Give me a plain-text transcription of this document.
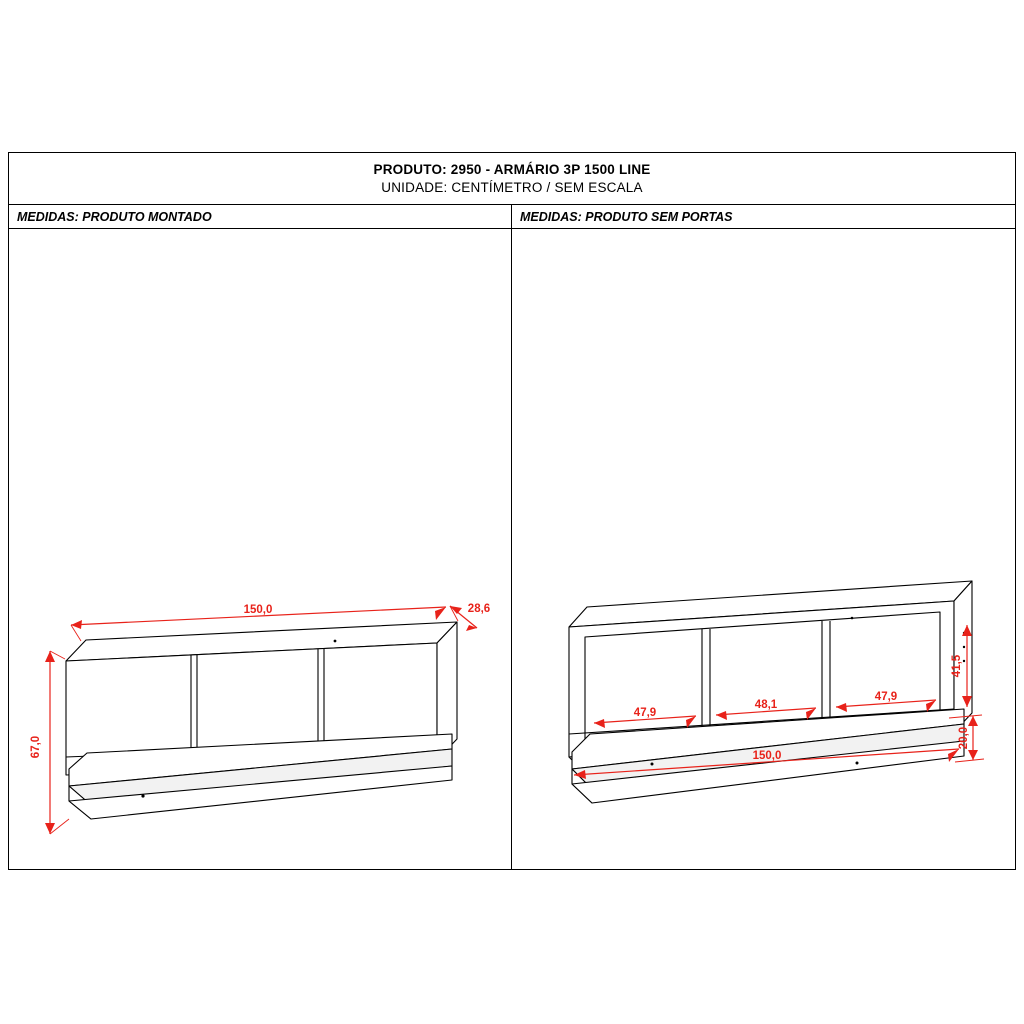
PRODUTO: 2950 - ARMÁRIO 3P 1500 LINE
UNIDADE: CENTÍMETRO / SEM ESCALA
MEDIDAS: PRODUTO MONTADO
150,0	28,6
67,0
MEDIDAS: PRODUTO SEM PORTAS
47,9
48,1
47,9
150,0
41,5
20,0
